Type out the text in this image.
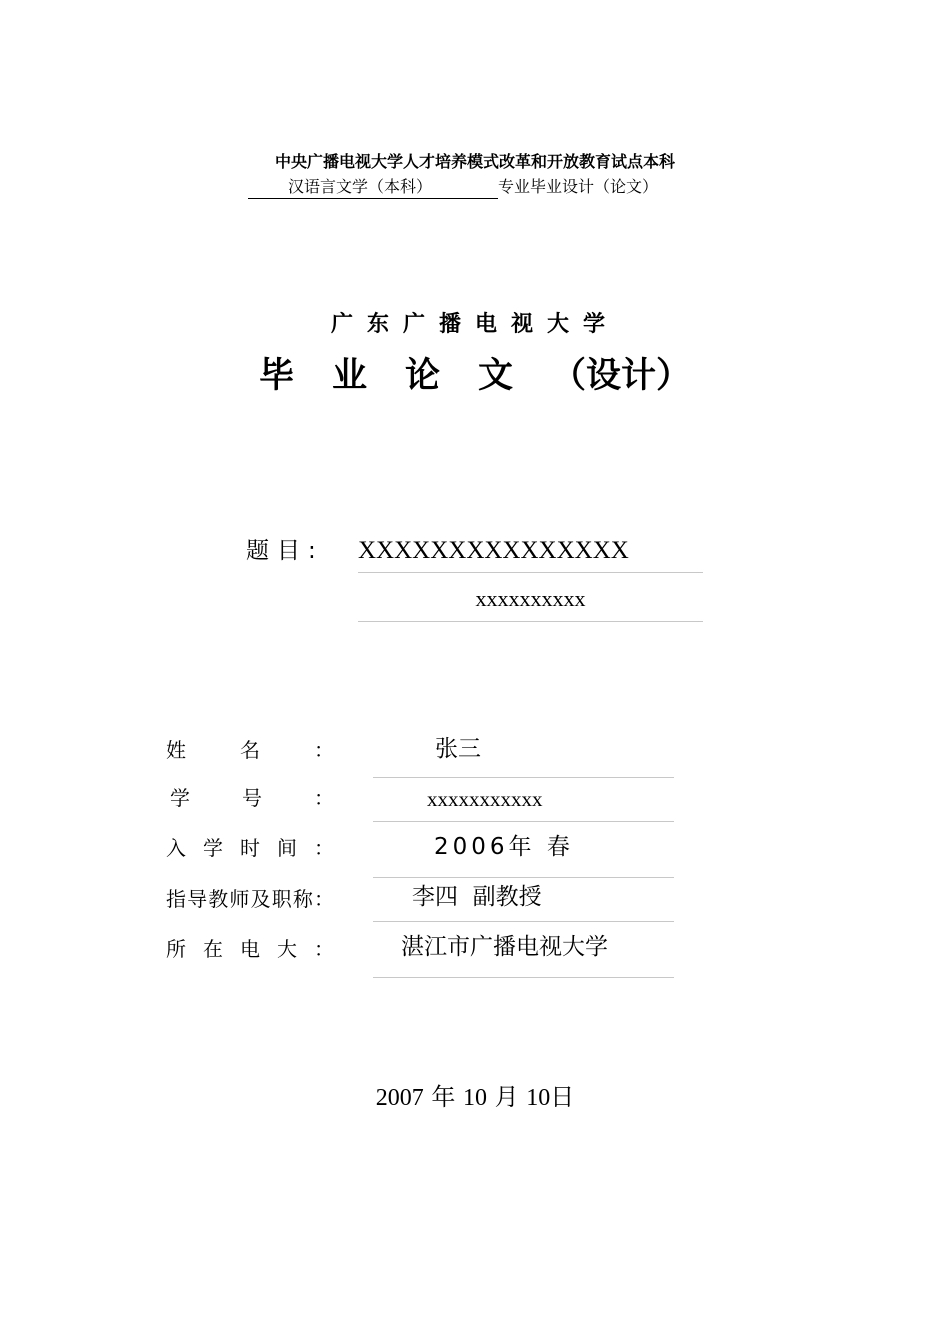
中央广播电视大学人才培养模式改革和开放教育试点本科
汉语言文学（本科）	专业毕业设计（论文）
广东广播电视大学
毕业论文（设计）
题目: XXXXXXXXXXXXXXX
xxxxxxxxxx
姓	名	：	张三
学	号	：	xxxxxxxxxxx
入 学 时 间 ：	2006年 春
指 导 教 师 及 职 称 ：	李四  副教授
所 在 电 大 ：	湛江市广播电视大学
2007 年 10 月 10日
